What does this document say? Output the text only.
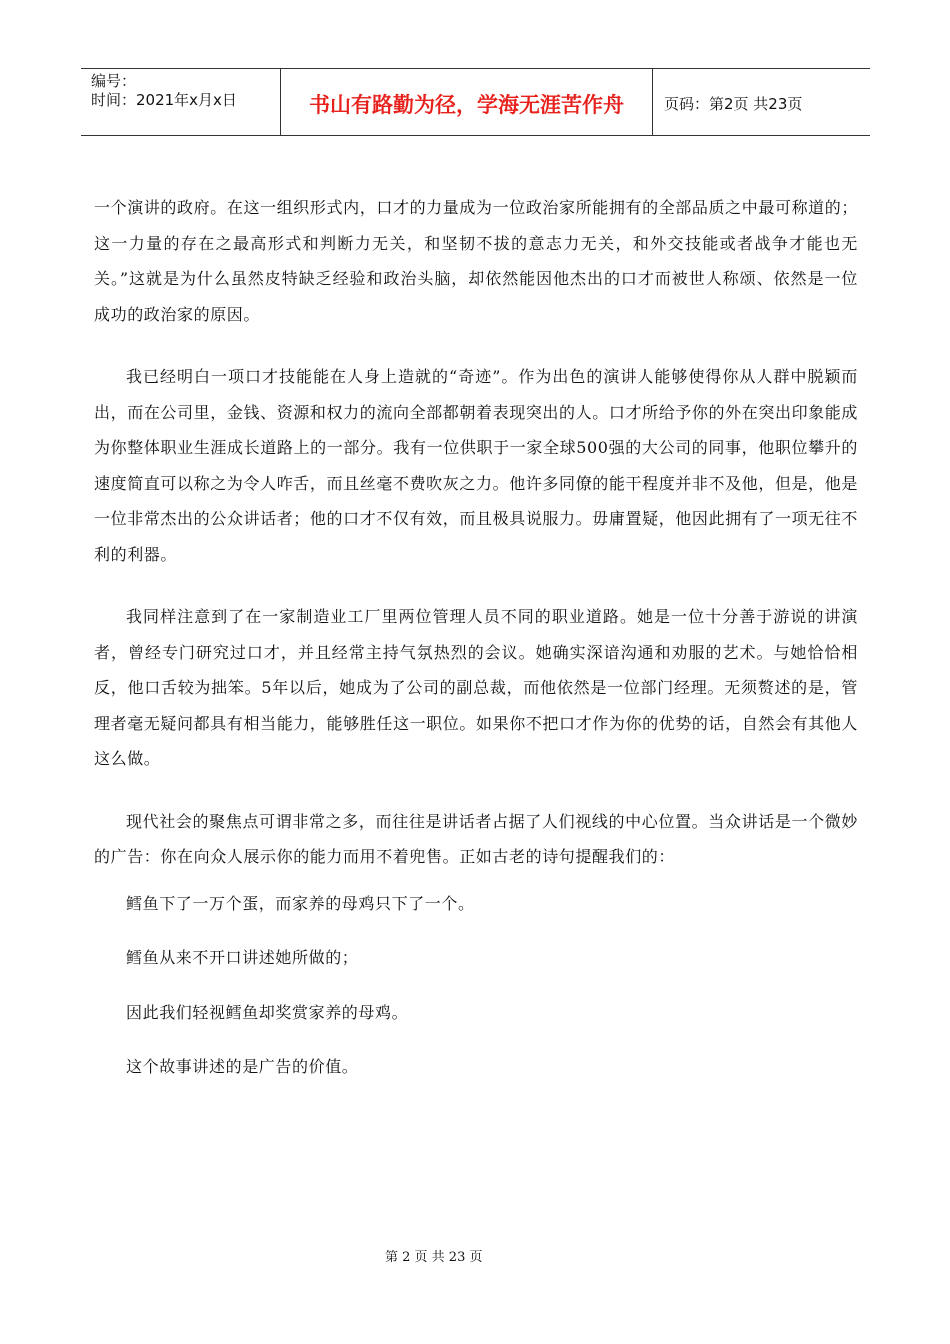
编号：
时间：2021年x月x日	书山有路勤为径，学海无涯苦作舟	页码：第2页 共23页

一个演讲的政府。在这一组织形式内，口才的力量成为一位政治家所能拥有的全部品质之中最可称道的；这一力量的存在之最高形式和判断力无关，和坚韧不拔的意志力无关，和外交技能或者战争才能也无关。”这就是为什么虽然皮特缺乏经验和政治头脑，却依然能因他杰出的口才而被世人称颂、依然是一位成功的政治家的原因。

我已经明白一项口才技能能在人身上造就的“奇迹”。作为出色的演讲人能够使得你从人群中脱颖而出，而在公司里，金钱、资源和权力的流向全部都朝着表现突出的人。口才所给予你的外在突出印象能成为你整体职业生涯成长道路上的一部分。我有一位供职于一家全球500强的大公司的同事，他职位攀升的速度简直可以称之为令人咋舌，而且丝毫不费吹灰之力。他许多同僚的能干程度并非不及他，但是，他是一位非常杰出的公众讲话者；他的口才不仅有效，而且极具说服力。毋庸置疑，他因此拥有了一项无往不利的利器。

我同样注意到了在一家制造业工厂里两位管理人员不同的职业道路。她是一位十分善于游说的讲演者，曾经专门研究过口才，并且经常主持气氛热烈的会议。她确实深谙沟通和劝服的艺术。与她恰恰相反，他口舌较为拙笨。5年以后，她成为了公司的副总裁，而他依然是一位部门经理。无须赘述的是，管理者毫无疑问都具有相当能力，能够胜任这一职位。如果你不把口才作为你的优势的话，自然会有其他人这么做。

现代社会的聚焦点可谓非常之多，而往往是讲话者占据了人们视线的中心位置。当众讲话是一个微妙的广告：你在向众人展示你的能力而用不着兜售。正如古老的诗句提醒我们的：

鳕鱼下了一万个蛋，而家养的母鸡只下了一个。

鳕鱼从来不开口讲述她所做的；

因此我们轻视鳕鱼却奖赏家养的母鸡。

这个故事讲述的是广告的价值。

第 2 页 共 23 页
